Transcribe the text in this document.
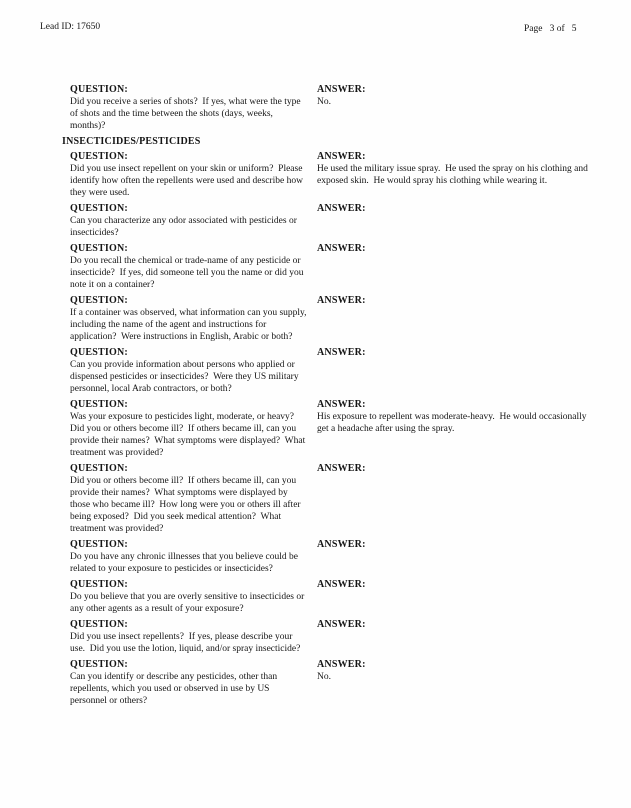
Lead ID: 17650	Page   3 of   5
QUESTION:
Did you receive a series of shots?  If yes, what were the type of shots and the time between the shots (days, weeks, months)?
ANSWER:
No.
INSECTICIDES/PESTICIDES
QUESTION:
Did you use insect repellent on your skin or uniform?  Please identify how often the repellents were used and describe how they were used.
ANSWER:
He used the military issue spray.  He used the spray on his clothing and exposed skin.  He would spray his clothing while wearing it.
QUESTION:
Can you characterize any odor associated with pesticides or insecticides?
ANSWER:
QUESTION:
Do you recall the chemical or trade-name of any pesticide or insecticide?  If yes, did someone tell you the name or did you note it on a container?
ANSWER:
QUESTION:
If a container was observed, what information can you supply, including the name of the agent and instructions for application?  Were instructions in English, Arabic or both?
ANSWER:
QUESTION:
Can you provide information about persons who applied or dispensed pesticides or insecticides?  Were they US military personnel, local Arab contractors, or both?
ANSWER:
QUESTION:
Was your exposure to pesticides light, moderate, or heavy?  Did you or others become ill?  If others became ill, can you provide their names?  What symptoms were displayed?  What treatment was provided?
ANSWER:
His exposure to repellent was moderate-heavy.  He would occasionally get a headache after using the spray.
QUESTION:
Did you or others become ill?  If others became ill, can you provide their names?  What symptoms were displayed by those who became ill?  How long were you or others ill after being exposed?  Did you seek medical attention?  What treatment was provided?
ANSWER:
QUESTION:
Do you have any chronic illnesses that you believe could be related to your exposure to pesticides or insecticides?
ANSWER:
QUESTION:
Do you believe that you are overly sensitive to insecticides or any other agents as a result of your exposure?
ANSWER:
QUESTION:
Did you use insect repellents?  If yes, please describe your use.  Did you use the lotion, liquid, and/or spray insecticide?
ANSWER:
QUESTION:
Can you identify or describe any pesticides, other than repellents, which you used or observed in use by US personnel or others?
ANSWER:
No.
